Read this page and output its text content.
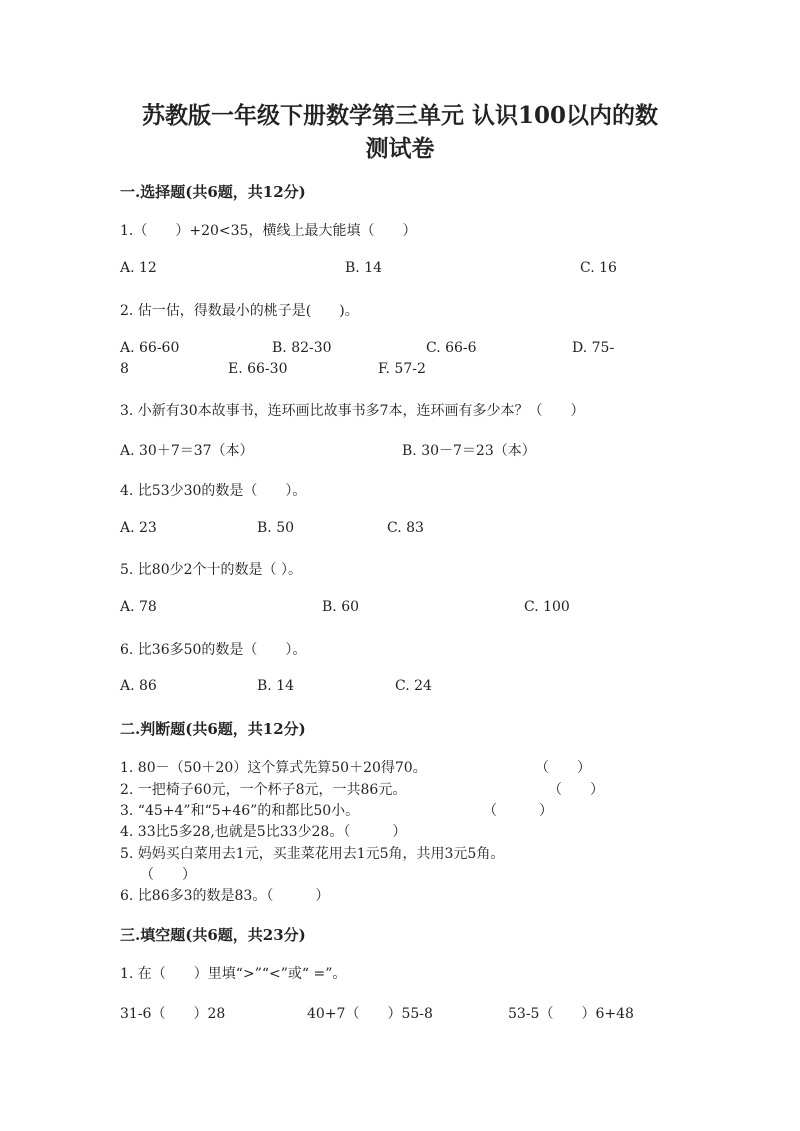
苏教版一年级下册数学第三单元 认识100以内的数
测试卷
一.选择题(共6题，共12分)
1.（　　）+20<35，横线上最大能填（　　）
A. 12	B. 14	C. 16
2. 估一估，得数最小的桃子是(　　)。
A. 66-60	B. 82-30	C. 66-6	D. 75-
8	E. 66-30	F. 57-2
3. 小新有30本故事书，连环画比故事书多7本，连环画有多少本？（　　）
A. 30＋7＝37（本）	B. 30－7＝23（本）
4. 比53少30的数是（　　）。
A. 23	B. 50	C. 83
5. 比80少2个十的数是（ ）。
A. 78	B. 60	C. 100
6. 比36多50的数是（　　）。
A. 86	B. 14	C. 24
二.判断题(共6题，共12分)
1. 80－（50＋20）这个算式先算50＋20得70。	（　　）
2. 一把椅子60元，一个杯子8元，一共86元。	（　　）
3. “45+4”和“5+46”的和都比50小。	（　　　）
4. 33比5多28,也就是5比33少28。（　　　）
5. 妈妈买白菜用去1元，买韭菜花用去1元5角，共用3元5角。
（　　）
6. 比86多3的数是83。（　　　）
三.填空题(共6题，共23分)
1. 在（　　）里填“>”“<”或“ =”。
31-6（　　）28	40+7（　　）55-8	53-5（　　）6+48
